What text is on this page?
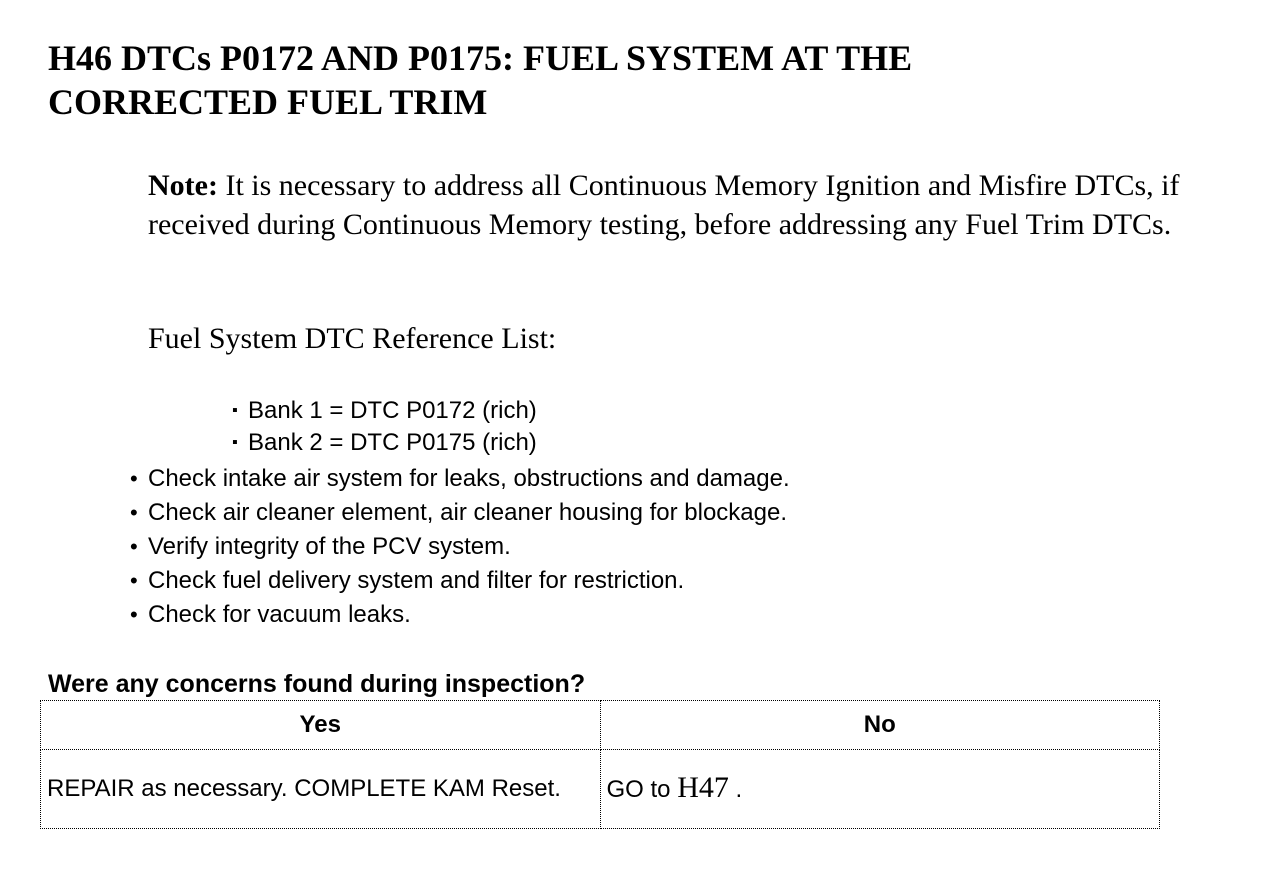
H46 DTCs P0172 AND P0175: FUEL SYSTEM AT THE CORRECTED FUEL TRIM

Note: It is necessary to address all Continuous Memory Ignition and Misfire DTCs, if received during Continuous Memory testing, before addressing any Fuel Trim DTCs.

Fuel System DTC Reference List:

▪ Bank 1 = DTC P0172 (rich)
▪ Bank 2 = DTC P0175 (rich)
• Check intake air system for leaks, obstructions and damage.
• Check air cleaner element, air cleaner housing for blockage.
• Verify integrity of the PCV system.
• Check fuel delivery system and filter for restriction.
• Check for vacuum leaks.

Were any concerns found during inspection?

Yes	No
REPAIR as necessary. COMPLETE KAM Reset.	GO to H47 .
